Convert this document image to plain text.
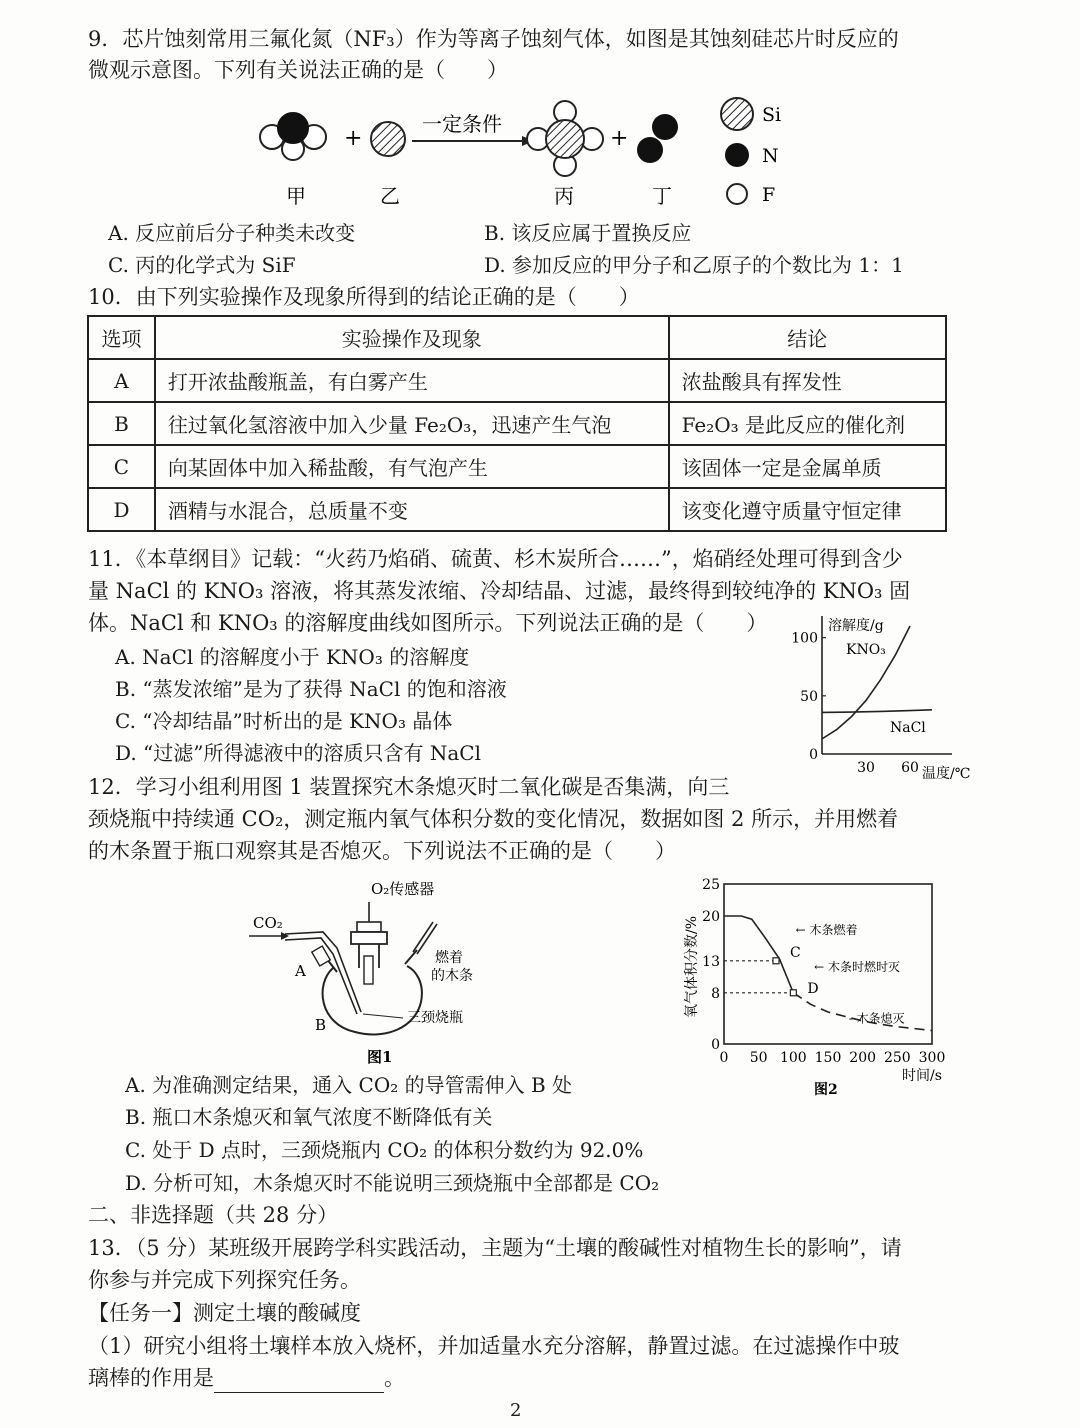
9．芯片蚀刻常用三氟化氮（NF₃）作为等离子蚀刻气体，如图是其蚀刻硅芯片时反应的
微观示意图。下列有关说法正确的是（　　）
+
一定条件
+
甲	乙	丙	丁
Si
N
F
A. 反应前后分子种类未改变	B. 该反应属于置换反应
C. 丙的化学式为 SiF	D. 参加反应的甲分子和乙原子的个数比为 1：1
10．由下列实验操作及现象所得到的结论正确的是（　　）
选项	实验操作及现象	结论
A	打开浓盐酸瓶盖，有白雾产生	浓盐酸具有挥发性
B	往过氧化氢溶液中加入少量 Fe₂O₃，迅速产生气泡	Fe₂O₃ 是此反应的催化剂
C	向某固体中加入稀盐酸，有气泡产生	该固体一定是金属单质
D	酒精与水混合，总质量不变	该变化遵守质量守恒定律
11．《本草纲目》记载：“火药乃焰硝、硫黄、杉木炭所合……”，焰硝经处理可得到含少
量 NaCl 的 KNO₃ 溶液，将其蒸发浓缩、冷却结晶、过滤，最终得到较纯净的 KNO₃ 固
体。NaCl 和 KNO₃ 的溶解度曲线如图所示。下列说法正确的是（　　）
A. NaCl 的溶解度小于 KNO₃ 的溶解度
B. “蒸发浓缩”是为了获得 NaCl 的饱和溶液
C. “冷却结晶”时析出的是 KNO₃ 晶体
D. “过滤”所得滤液中的溶质只含有 NaCl
溶解度/g
温度/℃
0
50
100
30 60
KNO₃
NaCl
12．学习小组利用图 1 装置探究木条熄灭时二氧化碳是否集满，向三
颈烧瓶中持续通 CO₂，测定瓶内氧气体积分数的变化情况，数据如图 2 所示，并用燃着
的木条置于瓶口观察其是否熄灭。下列说法不正确的是（　　）
O₂传感器
CO₂
燃着
的木条
A
B	三颈烧瓶
图1
0
8
13
20
25
0 50 100 150 200 250 300
氧气体积分数/%
时间/s
图2
C
D
← 木条燃着
← 木条时燃时灭
- 木条熄灭
A. 为准确测定结果，通入 CO₂ 的导管需伸入 B 处
B. 瓶口木条熄灭和氧气浓度不断降低有关
C. 处于 D 点时，三颈烧瓶内 CO₂ 的体积分数约为 92.0%
D. 分析可知，木条熄灭时不能说明三颈烧瓶中全部都是 CO₂
二、非选择题（共 28 分）
13．（5 分）某班级开展跨学科实践活动，主题为“土壤的酸碱性对植物生长的影响”，请
你参与并完成下列探究任务。
【任务一】测定土壤的酸碱度
（1）研究小组将土壤样本放入烧杯，并加适量水充分溶解，静置过滤。在过滤操作中玻
璃棒的作用是	。
2
